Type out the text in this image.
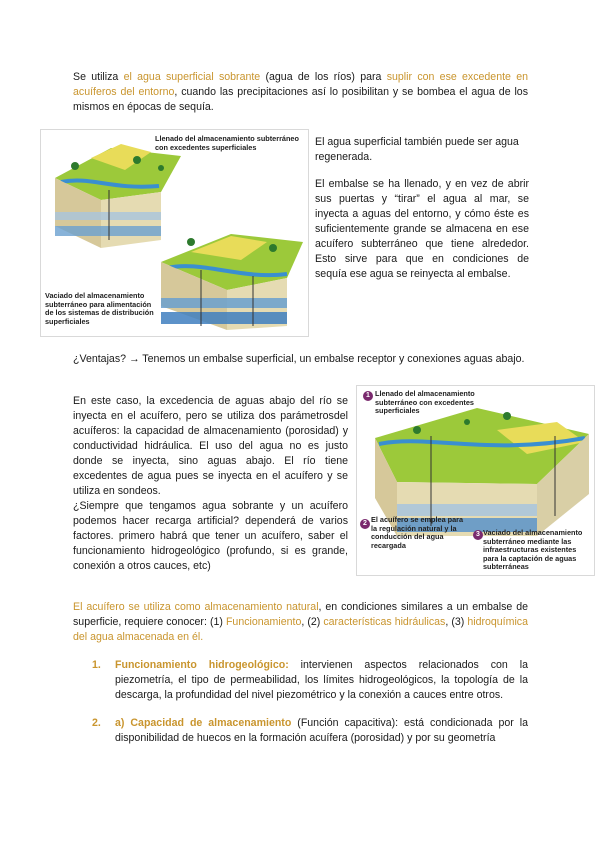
Se utiliza el agua superficial sobrante (agua de los ríos) para suplir con ese excedente en acuíferos del entorno, cuando las precipitaciones así lo posibilitan y se bombea el agua de los mismos en épocas de sequía.
Llenado del almacenamiento subterráneo con excedentes superficiales
Vaciado del almacenamiento subterráneo para alimentación de los sistemas de distribución superficiales
El agua superficial también puede ser agua regenerada.
El embalse se ha llenado, y en vez de abrir sus puertas y “tirar” el agua al mar, se inyecta a aguas del entorno, y cómo éste es suficientemente grande se almacena en ese acuífero subterráneo que tiene alrededor. Esto sirve para que en condiciones de sequía ese agua se reinyecta al embalse.
¿Ventajas? → Tenemos un embalse superficial, un embalse receptor y conexiones aguas abajo.
En este caso, la excedencia de aguas abajo del río se inyecta en el acuífero, pero se utiliza dos parámetrosdel acuíferos: la capacidad de almacenamiento (porosidad) y conductividad hidráulica. El uso del agua no es justo donde se inyecta, sino aguas abajo. El río tiene excedentes de agua pues se inyecta en el acuífero y se utiliza en sondeos.
¿Siempre que tengamos agua sobrante y un acuífero podemos hacer recarga artificial? dependerá de varios factores. primero habrá que tener un acuífero, saber el funcionamiento hidrogeológico (profundo, si es grande, conexión a otros cauces, etc)
1 Llenado del almacenamiento subterráneo con excedentes superficiales
2 El acuífero se emplea para la regulación natural y la conducción del agua recargada
3 Vaciado del almacenamiento subterráneo mediante las infraestructuras existentes para la captación de aguas subterráneas
El acuífero se utiliza como almacenamiento natural, en condiciones similares a un embalse de superficie, requiere conocer: (1) Funcionamiento, (2) características hidráulicas, (3) hidroquímica del agua almacenada en él.
1. Funcionamiento hidrogeológico: intervienen aspectos relacionados con la piezometría, el tipo de permeabilidad, los límites hidrogeológicos, la topología de la descarga, la profundidad del nivel piezométrico y la conexión a cauces entre otros.
2. a) Capacidad de almacenamiento (Función capacitiva): está condicionada por la disponibilidad de huecos en la formación acuífera (porosidad) y por su geometría
